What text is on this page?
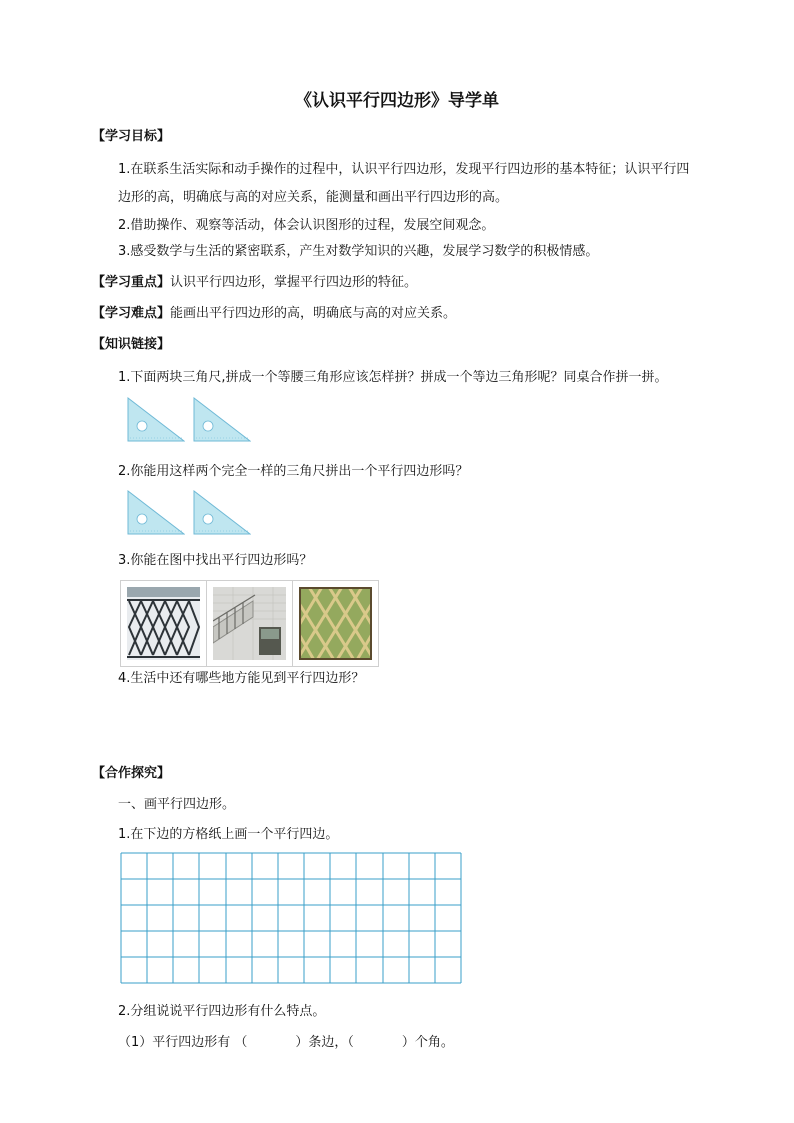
《认识平行四边形》导学单
【学习目标】
1.在联系生活实际和动手操作的过程中，认识平行四边形，发现平行四边形的基本特征；认识平行四
边形的高，明确底与高的对应关系，能测量和画出平行四边形的高。
2.借助操作、观察等活动，体会认识图形的过程，发展空间观念。
3.感受数学与生活的紧密联系，产生对数学知识的兴趣，发展学习数学的积极情感。
【学习重点】认识平行四边形，掌握平行四边形的特征。
【学习难点】能画出平行四边形的高，明确底与高的对应关系。
【知识链接】
1.下面两块三角尺,拼成一个等腰三角形应该怎样拼？拼成一个等边三角形呢？同桌合作拼一拼。
2.你能用这样两个完全一样的三角尺拼出一个平行四边形吗？
3.你能在图中找出平行四边形吗？
4.生活中还有哪些地方能见到平行四边形？
【合作探究】
一、画平行四边形。
1.在下边的方格纸上画一个平行四边。
2.分组说说平行四边形有什么特点。
（1）平行四边形有 （	）条边，（	）个角。
